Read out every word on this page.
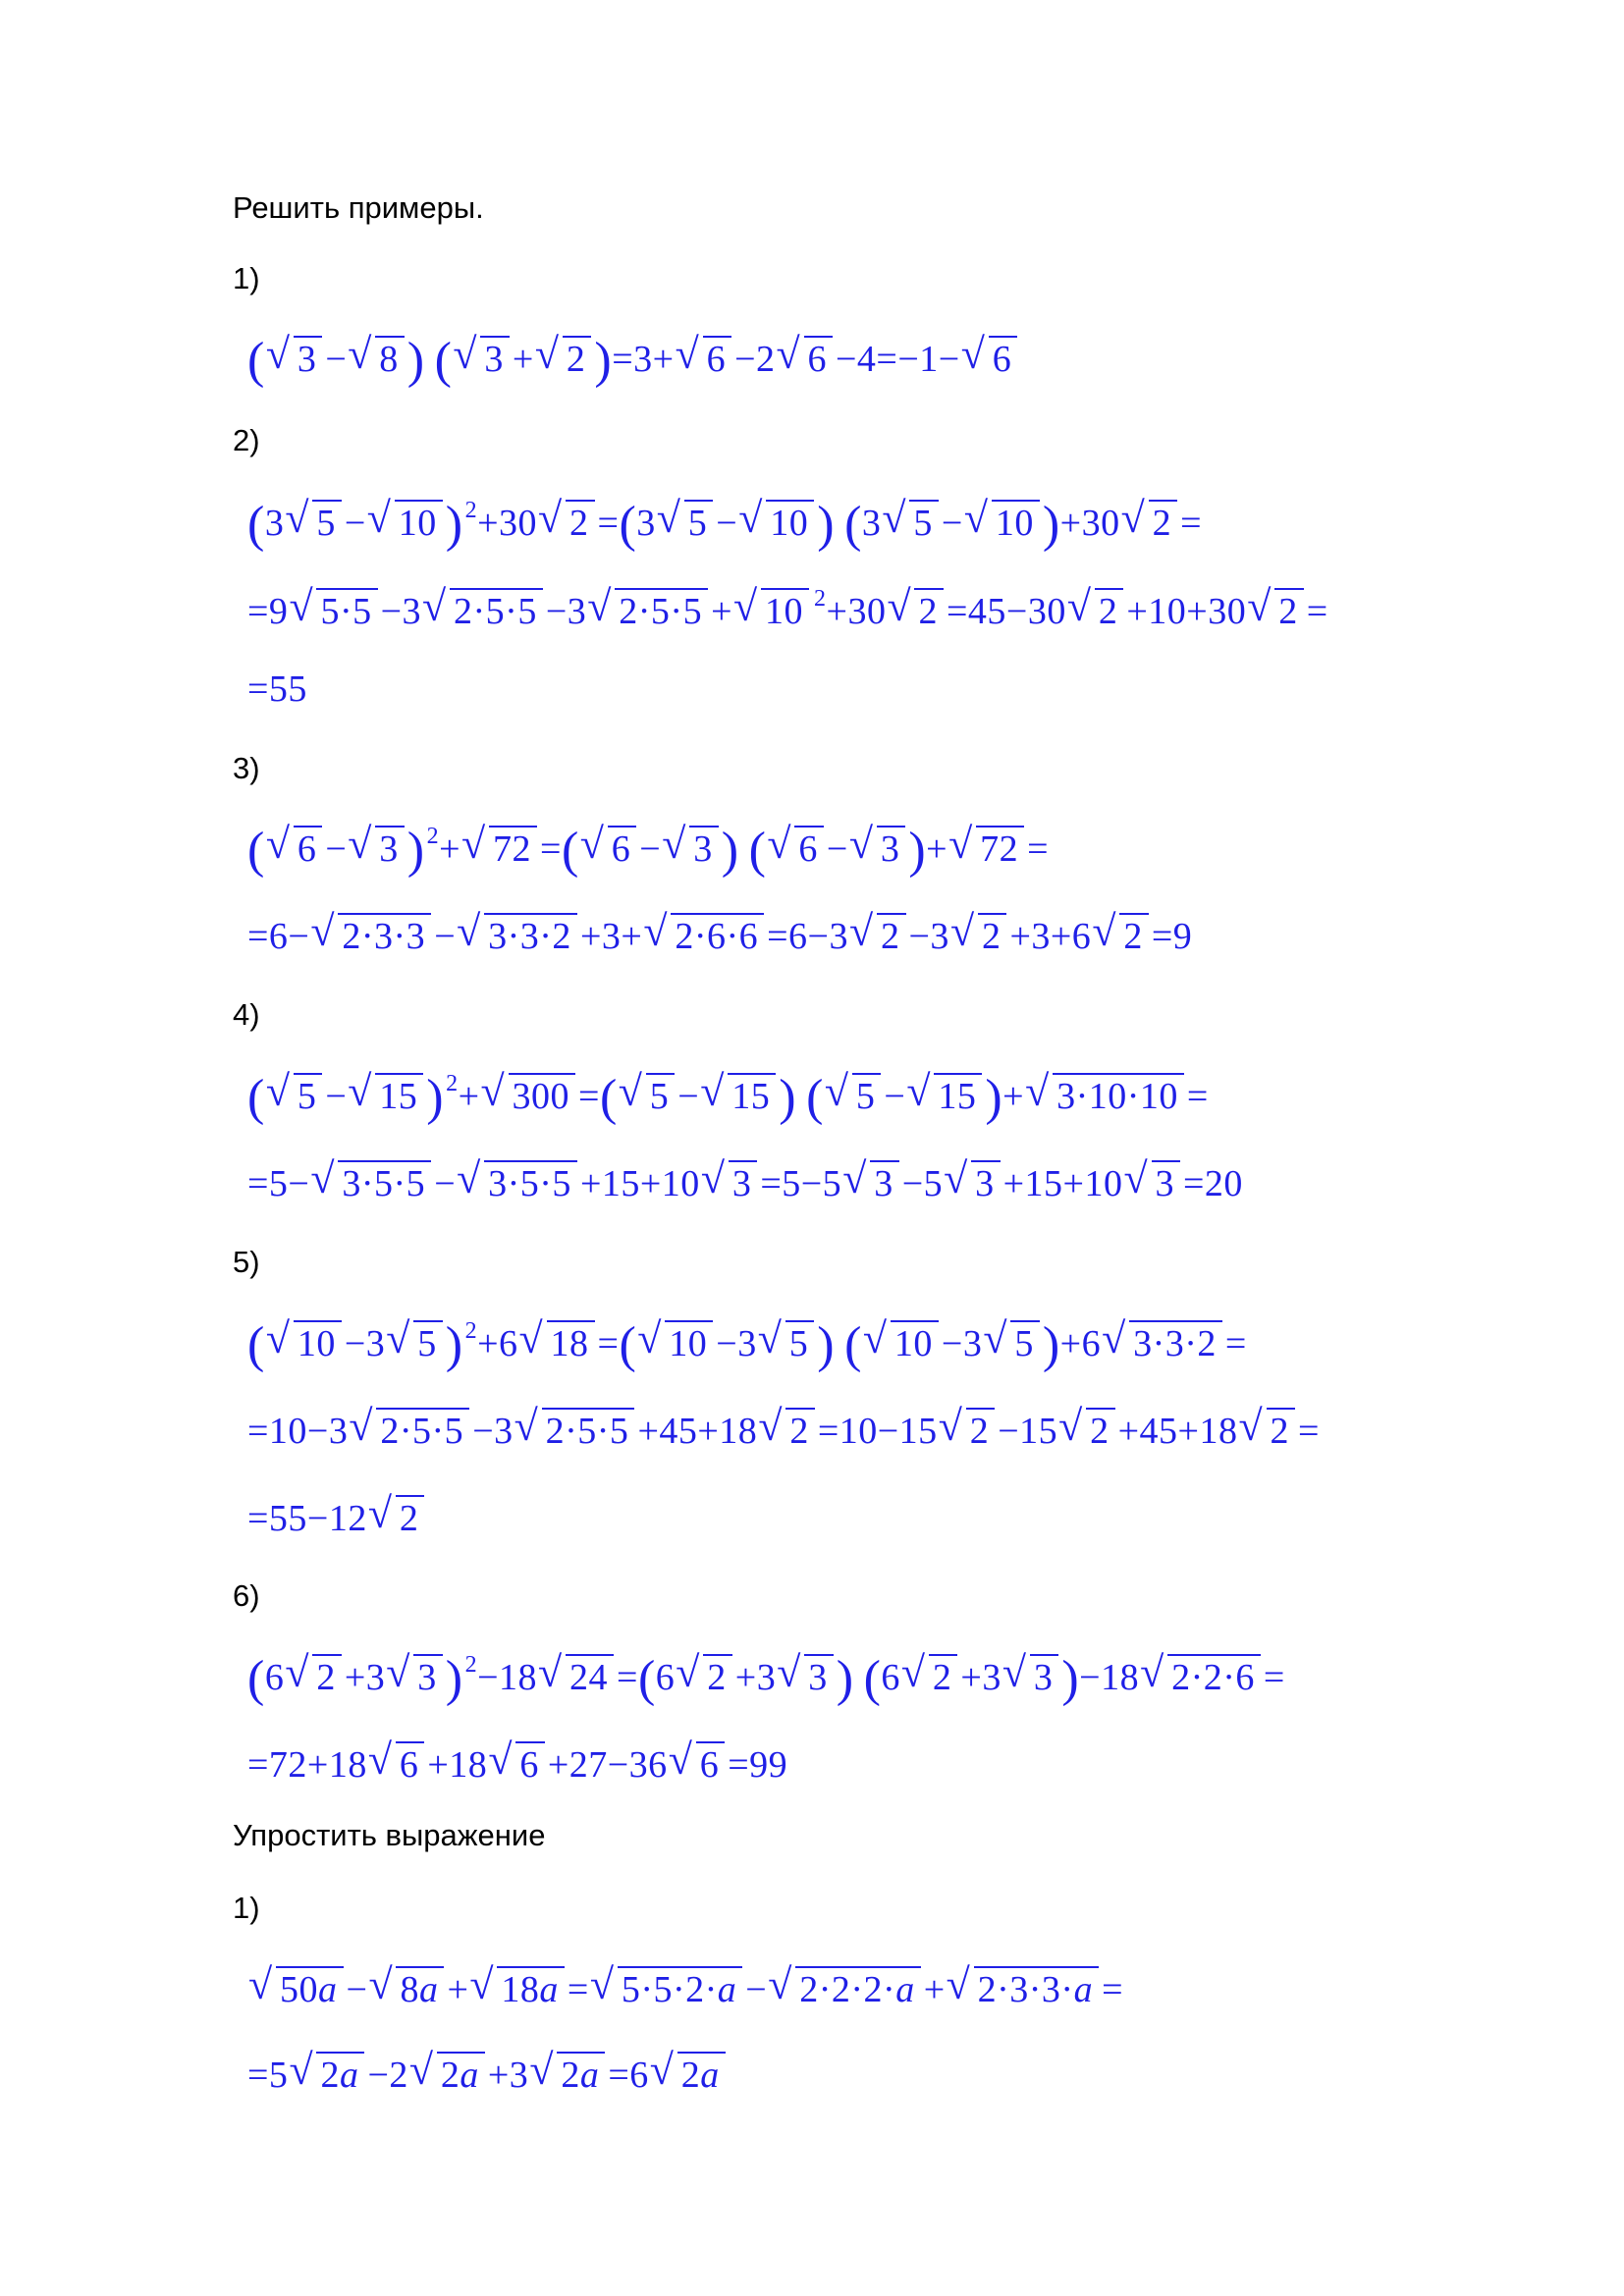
Решить примеры.
1)
( √ 3 − √ 8 ) ( √ 3 + √ 2 )=3+ √ 6 −2 √ 6 −4=−1− √ 6
2)
(3 √ 5 − √ 10 )$^2$+30 √ 2 =(3 √ 5 − √ 10 ) (3 √ 5 − √ 10 )+30 √ 2 =
=9 √ 5·5 −3 √ 2·5·5 −3 √ 2·5·5 + √ 10 $^2$+30 √ 2 =45−30 √ 2 +10+30 √ 2 =
=55
3)
( √ 6 − √ 3 )$^2$+ √ 72 =( √ 6 − √ 3 ) ( √ 6 − √ 3 )+ √ 72 =
=6− √ 2·3·3 − √ 3·3·2 +3+ √ 2·6·6 =6−3 √ 2 −3 √ 2 +3+6 √ 2 =9
4)
( √ 5 − √ 15 )$^2$+ √ 300 =( √ 5 − √ 15 ) ( √ 5 − √ 15 )+ √ 3·10·10 =
=5− √ 3·5·5 − √ 3·5·5 +15+10 √ 3 =5−5 √ 3 −5 √ 3 +15+10 √ 3 =20
5)
( √ 10 −3 √ 5 )$^2$+6 √ 18 =( √ 10 −3 √ 5 ) ( √ 10 −3 √ 5 )+6 √ 3·3·2 =
=10−3 √ 2·5·5 −3 √ 2·5·5 +45+18 √ 2 =10−15 √ 2 −15 √ 2 +45+18 √ 2 =
=55−12 √ 2
6)
(6 √ 2 +3 √ 3 )$^2$−18 √ 24 =(6 √ 2 +3 √ 3 ) (6 √ 2 +3 √ 3 )−18 √ 2·2·6 =
=72+18 √ 6 +18 √ 6 +27−36 √ 6 =99
Упростить выражение
1)
√ 50a − √ 8a + √ 18a = √ 5·5·2·a − √ 2·2·2·a + √ 2·3·3·a =
=5 √ 2a −2 √ 2a +3 √ 2a =6 √ 2a
